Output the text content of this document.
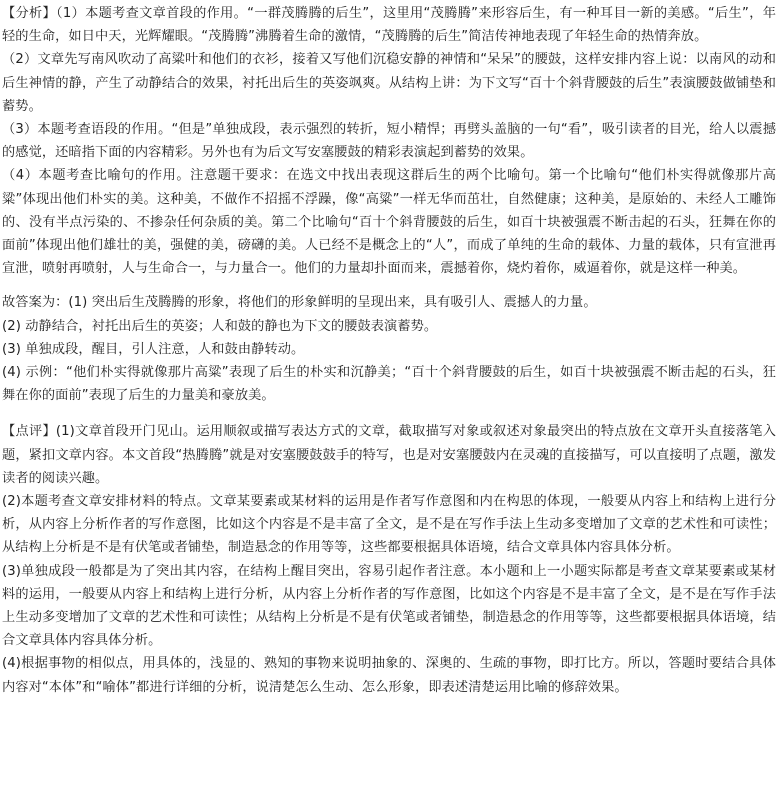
【分析】（1）本题考查文章首段的作用。“一群茂腾腾的后生”，这里用“茂腾腾”来形容后生，有一种耳目一新的美感。“后生”，年轻的生命，如日中天，光辉耀眼。“茂腾腾”沸腾着生命的激情，“茂腾腾的后生”简洁传神地表现了年轻生命的热情奔放。

（2）文章先写南风吹动了高粱叶和他们的衣衫，接着又写他们沉稳安静的神情和“呆呆”的腰鼓，这样安排内容上说：以南风的动和后生神情的静，产生了动静结合的效果，衬托出后生的英姿飒爽。从结构上讲：为下文写“百十个斜背腰鼓的后生”表演腰鼓做铺垫和蓄势。

（3）本题考查语段的作用。“但是”单独成段，表示强烈的转折，短小精悍；再劈头盖脑的一句“看”，吸引读者的目光，给人以震撼的感觉，还暗指下面的内容精彩。另外也有为后文写安塞腰鼓的精彩表演起到蓄势的效果。

（4）本题考查比喻句的作用。注意题干要求：在选文中找出表现这群后生的两个比喻句。第一个比喻句“他们朴实得就像那片高粱”体现出他们朴实的美。这种美，不做作不招摇不浮躁，像“高粱”一样无华而茁壮，自然健康；这种美，是原始的、未经人工雕饰的、没有半点污染的、不掺杂任何杂质的美。第二个比喻句“百十个斜背腰鼓的后生，如百十块被强震不断击起的石头，狂舞在你的面前”体现出他们雄壮的美，强健的美，磅礴的美。人已经不是概念上的“人”，而成了单纯的生命的载体、力量的载体，只有宣泄再宣泄，喷射再喷射，人与生命合一，与力量合一。他们的力量却扑面而来，震撼着你，烧灼着你，威逼着你，就是这样一种美。

故答案为：(1) 突出后生茂腾腾的形象，将他们的形象鲜明的呈现出来，具有吸引人、震撼人的力量。

(2) 动静结合，衬托出后生的英姿；人和鼓的静也为下文的腰鼓表演蓄势。

(3) 单独成段，醒目，引人注意，人和鼓由静转动。

(4) 示例：“他们朴实得就像那片高粱”表现了后生的朴实和沉静美；“百十个斜背腰鼓的后生，如百十块被强震不断击起的石头，狂舞在你的面前”表现了后生的力量美和豪放美。

【点评】(1)文章首段开门见山。运用顺叙或描写表达方式的文章，截取描写对象或叙述对象最突出的特点放在文章开头直接落笔入题，紧扣文章内容。本文首段“热腾腾”就是对安塞腰鼓鼓手的特写，也是对安塞腰鼓内在灵魂的直接描写，可以直接明了点题，激发读者的阅读兴趣。

(2)本题考查文章安排材料的特点。文章某要素或某材料的运用是作者写作意图和内在构思的体现，一般要从内容上和结构上进行分析，从内容上分析作者的写作意图，比如这个内容是不是丰富了全文，是不是在写作手法上生动多变增加了文章的艺术性和可读性；从结构上分析是不是有伏笔或者铺垫，制造悬念的作用等等，这些都要根据具体语境，结合文章具体内容具体分析。

(3)单独成段一般都是为了突出其内容，在结构上醒目突出，容易引起作者注意。本小题和上一小题实际都是考查文章某要素或某材料的运用，一般要从内容上和结构上进行分析，从内容上分析作者的写作意图，比如这个内容是不是丰富了全文，是不是在写作手法上生动多变增加了文章的艺术性和可读性；从结构上分析是不是有伏笔或者铺垫，制造悬念的作用等等，这些都要根据具体语境，结合文章具体内容具体分析。

(4)根据事物的相似点，用具体的，浅显的、熟知的事物来说明抽象的、深奥的、生疏的事物，即打比方。所以，答题时要结合具体内容对“本体”和“喻体”都进行详细的分析，说清楚怎么生动、怎么形象，即表述清楚运用比喻的修辞效果。
